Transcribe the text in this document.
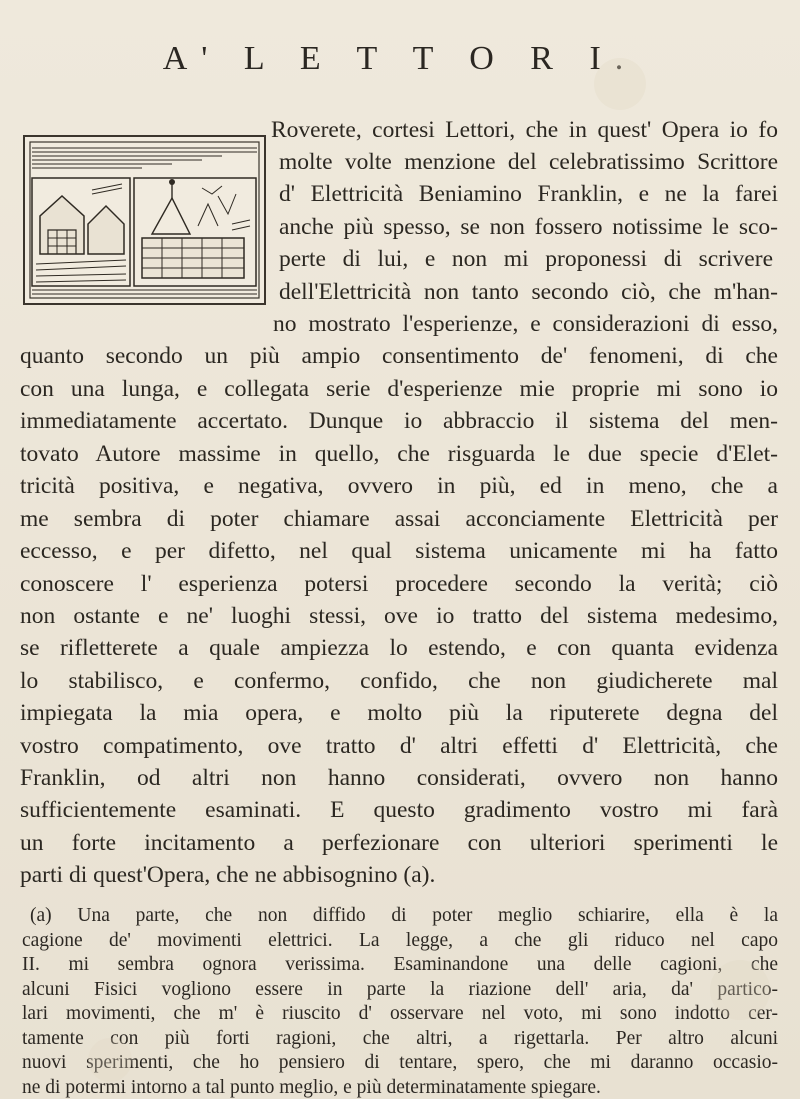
A' L E T T O R I.
Roverete, cortesi Lettori, che in quest' Opera io fo
molte volte menzione del celebratissimo Scrittore
d' Elettricità Beniamino Franklin, e ne la farei
anche più spesso, se non fossero notissime le sco-
perte di lui, e non mi proponessi di scrivere
dell'Elettricità non tanto secondo ciò, che m'han-
no mostrato l'esperienze, e considerazioni di esso,
quanto secondo un più ampio consentimento de' fenomeni, di che
con una lunga, e collegata serie d'esperienze mie proprie mi sono io
immediatamente accertato. Dunque io abbraccio il sistema del men-
tovato Autore massime in quello, che risguarda le due specie d'Elet-
tricità positiva, e negativa, ovvero in più, ed in meno, che a
me sembra di poter chiamare assai acconciamente Elettricità per
eccesso, e per difetto, nel qual sistema unicamente mi ha fatto
conoscere l' esperienza potersi procedere secondo la verità; ciò
non ostante e ne' luoghi stessi, ove io tratto del sistema medesimo,
se rifletterete a quale ampiezza lo estendo, e con quanta evidenza
lo stabilisco, e confermo, confido, che non giudicherete mal
impiegata la mia opera, e molto più la riputerete degna del
vostro compatimento, ove tratto d' altri effetti d' Elettricità, che
Franklin, od altri non hanno considerati, ovvero non hanno
sufficientemente esaminati. E questo gradimento vostro mi farà
un forte incitamento a perfezionare con ulteriori sperimenti le
parti di quest'Opera, che ne abbisognino (a).
(a) Una parte, che non diffido di poter meglio schiarire, ella è la
cagione de' movimenti elettrici. La legge, a che gli riduco nel capo
II. mi sembra ognora verissima. Esaminandone una delle cagioni, che
alcuni Fisici vogliono essere in parte la riazione dell' aria, da' partico-
lari movimenti, che m' è riuscito d' osservare nel voto, mi sono indotto cer-
tamente con più forti ragioni, che altri, a rigettarla. Per altro alcuni
nuovi sperimenti, che ho pensiero di tentare, spero, che mi daranno occasio-
ne di potermi intorno a tal punto meglio, e più determinatamente spiegare.
